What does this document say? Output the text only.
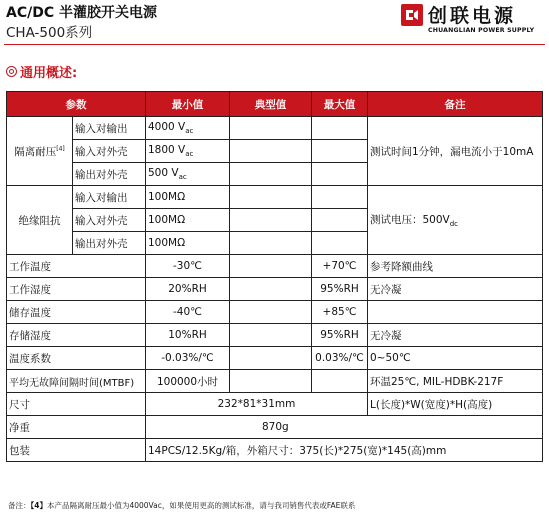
AC/DC 半灌胶开关电源
CHA-500系列
创联电源
CHUANGLIAN POWER SUPPLY
通用概述:
参数		最小值	典型值	最大值	备注
隔离耐压[4]	输入对输出	4000 $V_{ac}$			测试时间1分钟，漏电流小于10mA
	输入对外壳	1800 $V_{ac}$		
	输出对外壳	500 $V_{ac}$		
绝缘阻抗	输入对输出	100MΩ			测试电压：$500V_{dc}$
	输入对外壳	100MΩ			
	输出对外壳	100MΩ			
工作温度		-30℃		+70℃	参考降额曲线
工作湿度		20%RH		95%RH	无冷凝
储存温度		-40℃		+85℃	
存储湿度		10%RH		95%RH	无冷凝
温度系数		-0.03%/℃		0.03%/℃	0~50℃
平均无故障间隔时间(MTBF)		100000小时			环温25℃, MIL-HDBK-217F
尺寸		232*81*31mm			L(长度)*W(宽度)*H(高度)
净重		870g			
包装		14PCS/12.5Kg/箱，外箱尺寸：375(长)*275(宽)*145(高)mm			
备注：【4】本产品隔离耐压最小值为4000Vac，如果使用更高的测试标准，请与我司销售代表或FAE联系
